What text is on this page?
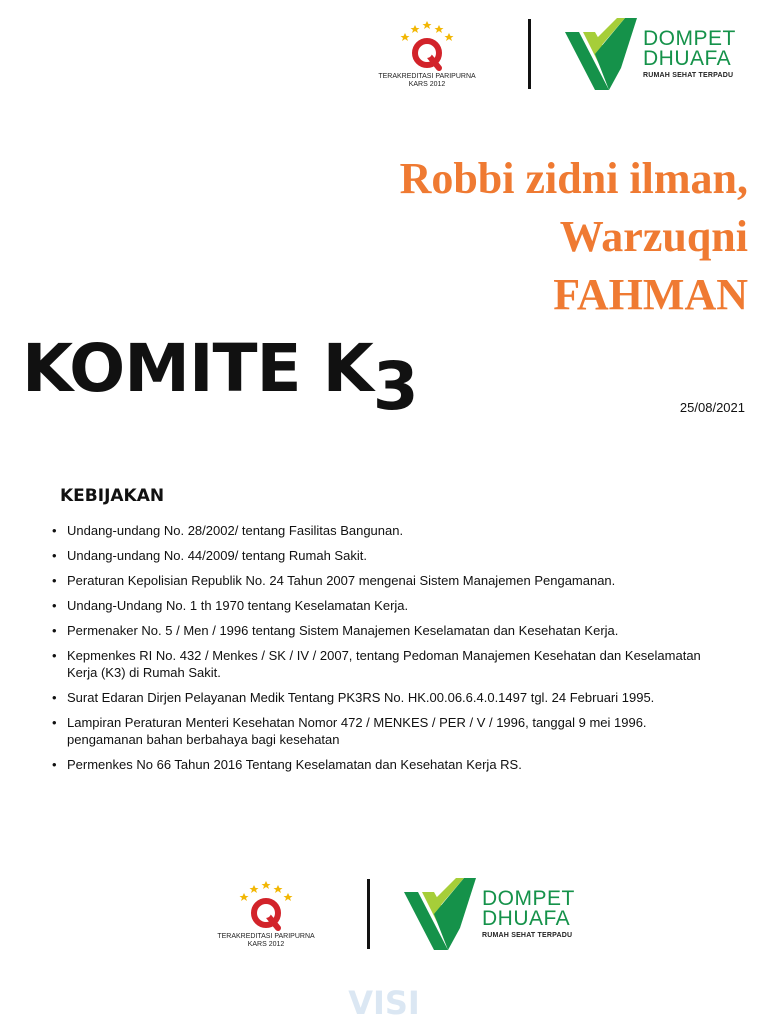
TERAKREDITASI PARIPURNA
KARS 2012
DOMPET
DHUAFA
RUMAH SEHAT TERPADU
Robbi zidni ilman,
Warzuqni
FAHMAN
KOMITE K3	25/08/2021
KEBIJAKAN
• Undang-undang No. 28/2002/ tentang Fasilitas Bangunan.
• Undang-undang No. 44/2009/ tentang Rumah Sakit.
• Peraturan Kepolisian Republik No. 24 Tahun 2007 mengenai Sistem Manajemen Pengamanan.
• Undang-Undang No. 1 th 1970 tentang Keselamatan Kerja.
• Permenaker No. 5 / Men / 1996 tentang Sistem Manajemen Keselamatan dan Kesehatan Kerja.
• Kepmenkes RI No. 432 / Menkes / SK / IV / 2007, tentang Pedoman Manajemen Kesehatan dan Keselamatan Kerja (K3) di Rumah Sakit.
• Surat Edaran Dirjen Pelayanan Medik Tentang PK3RS No. HK.00.06.6.4.0.1497 tgl. 24 Februari 1995.
• Lampiran Peraturan Menteri Kesehatan Nomor 472 / MENKES / PER / V / 1996, tanggal 9 mei 1996. pengamanan bahan berbahaya bagi kesehatan
• Permenkes No 66 Tahun 2016 Tentang Keselamatan dan Kesehatan Kerja RS.
TERAKREDITASI PARIPURNA
KARS 2012
DOMPET
DHUAFA
RUMAH SEHAT TERPADU
VISI
